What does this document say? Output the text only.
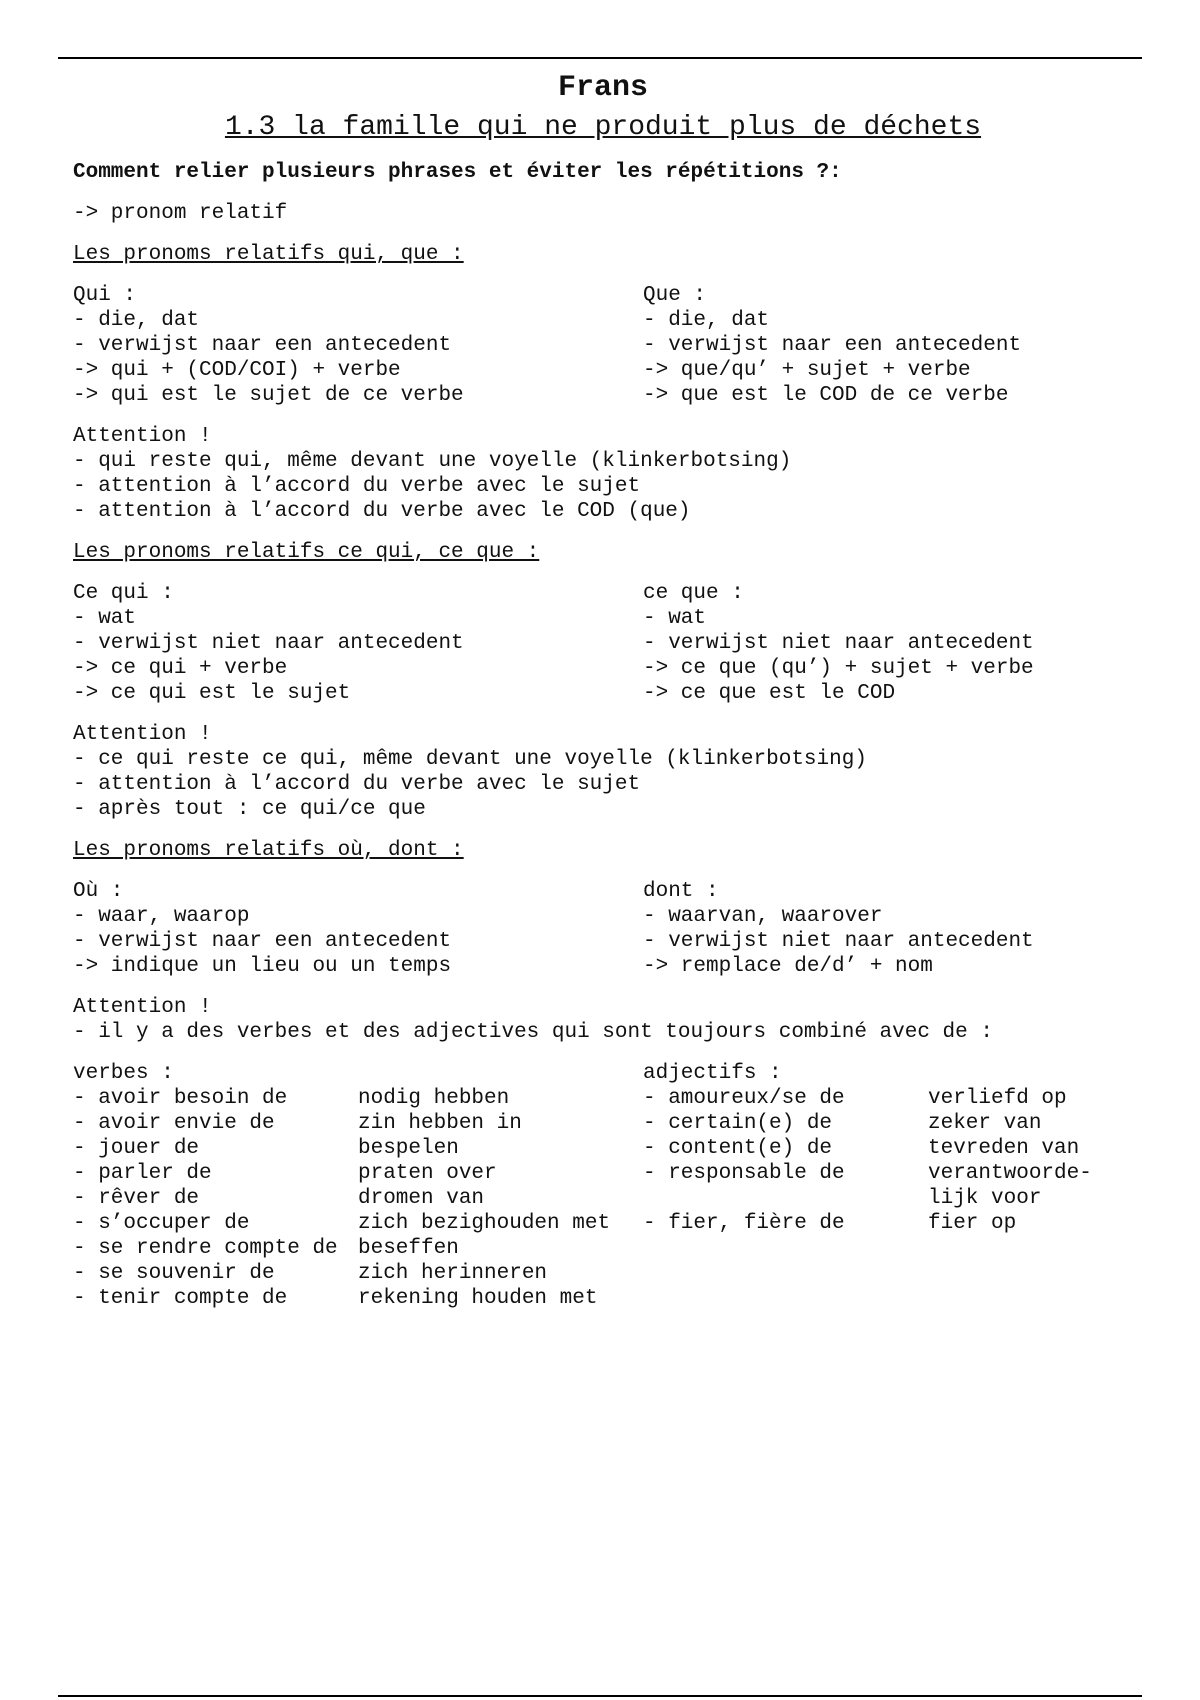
Frans
1.3 la famille qui ne produit plus de déchets
Comment relier plusieurs phrases et éviter les répétitions ?:
-> pronom relatif
Les pronoms relatifs qui, que :
Qui :
- die, dat
- verwijst naar een antecedent
-> qui + (COD/COI) + verbe
-> qui est le sujet de ce verbe
Que :
- die, dat
- verwijst naar een antecedent
-> que/qu’ + sujet + verbe
-> que est le COD de ce verbe
Attention !
- qui reste qui, même devant une voyelle (klinkerbotsing)
- attention à l’accord du verbe avec le sujet
- attention à l’accord du verbe avec le COD (que)
Les pronoms relatifs ce qui, ce que :
Ce qui :
- wat
- verwijst niet naar antecedent
-> ce qui + verbe
-> ce qui est le sujet
ce que :
- wat
- verwijst niet naar antecedent
-> ce que (qu’) + sujet + verbe
-> ce que est le COD
Attention !
- ce qui reste ce qui, même devant une voyelle (klinkerbotsing)
- attention à l’accord du verbe avec le sujet
- après tout : ce qui/ce que
Les pronoms relatifs où, dont :
Où :
- waar, waarop
- verwijst naar een antecedent
-> indique un lieu ou un temps
dont :
- waarvan, waarover
- verwijst niet naar antecedent
-> remplace de/d’ + nom
Attention !
- il y a des verbes et des adjectives qui sont toujours combiné avec de :
verbes :
- avoir besoin de	nodig hebben
- avoir envie de	zin hebben in
- jouer de	bespelen
- parler de	praten over
- rêver de	dromen van
- s’occuper de	zich bezighouden met
- se rendre compte de beseffen
- se souvenir de	zich herinneren
- tenir compte de	rekening houden met
adjectifs :
- amoureux/se de	verliefd op
- certain(e) de	zeker van
- content(e) de	tevreden van
- responsable de	verantwoorde-
lijk voor
- fier, fière de	fier op
